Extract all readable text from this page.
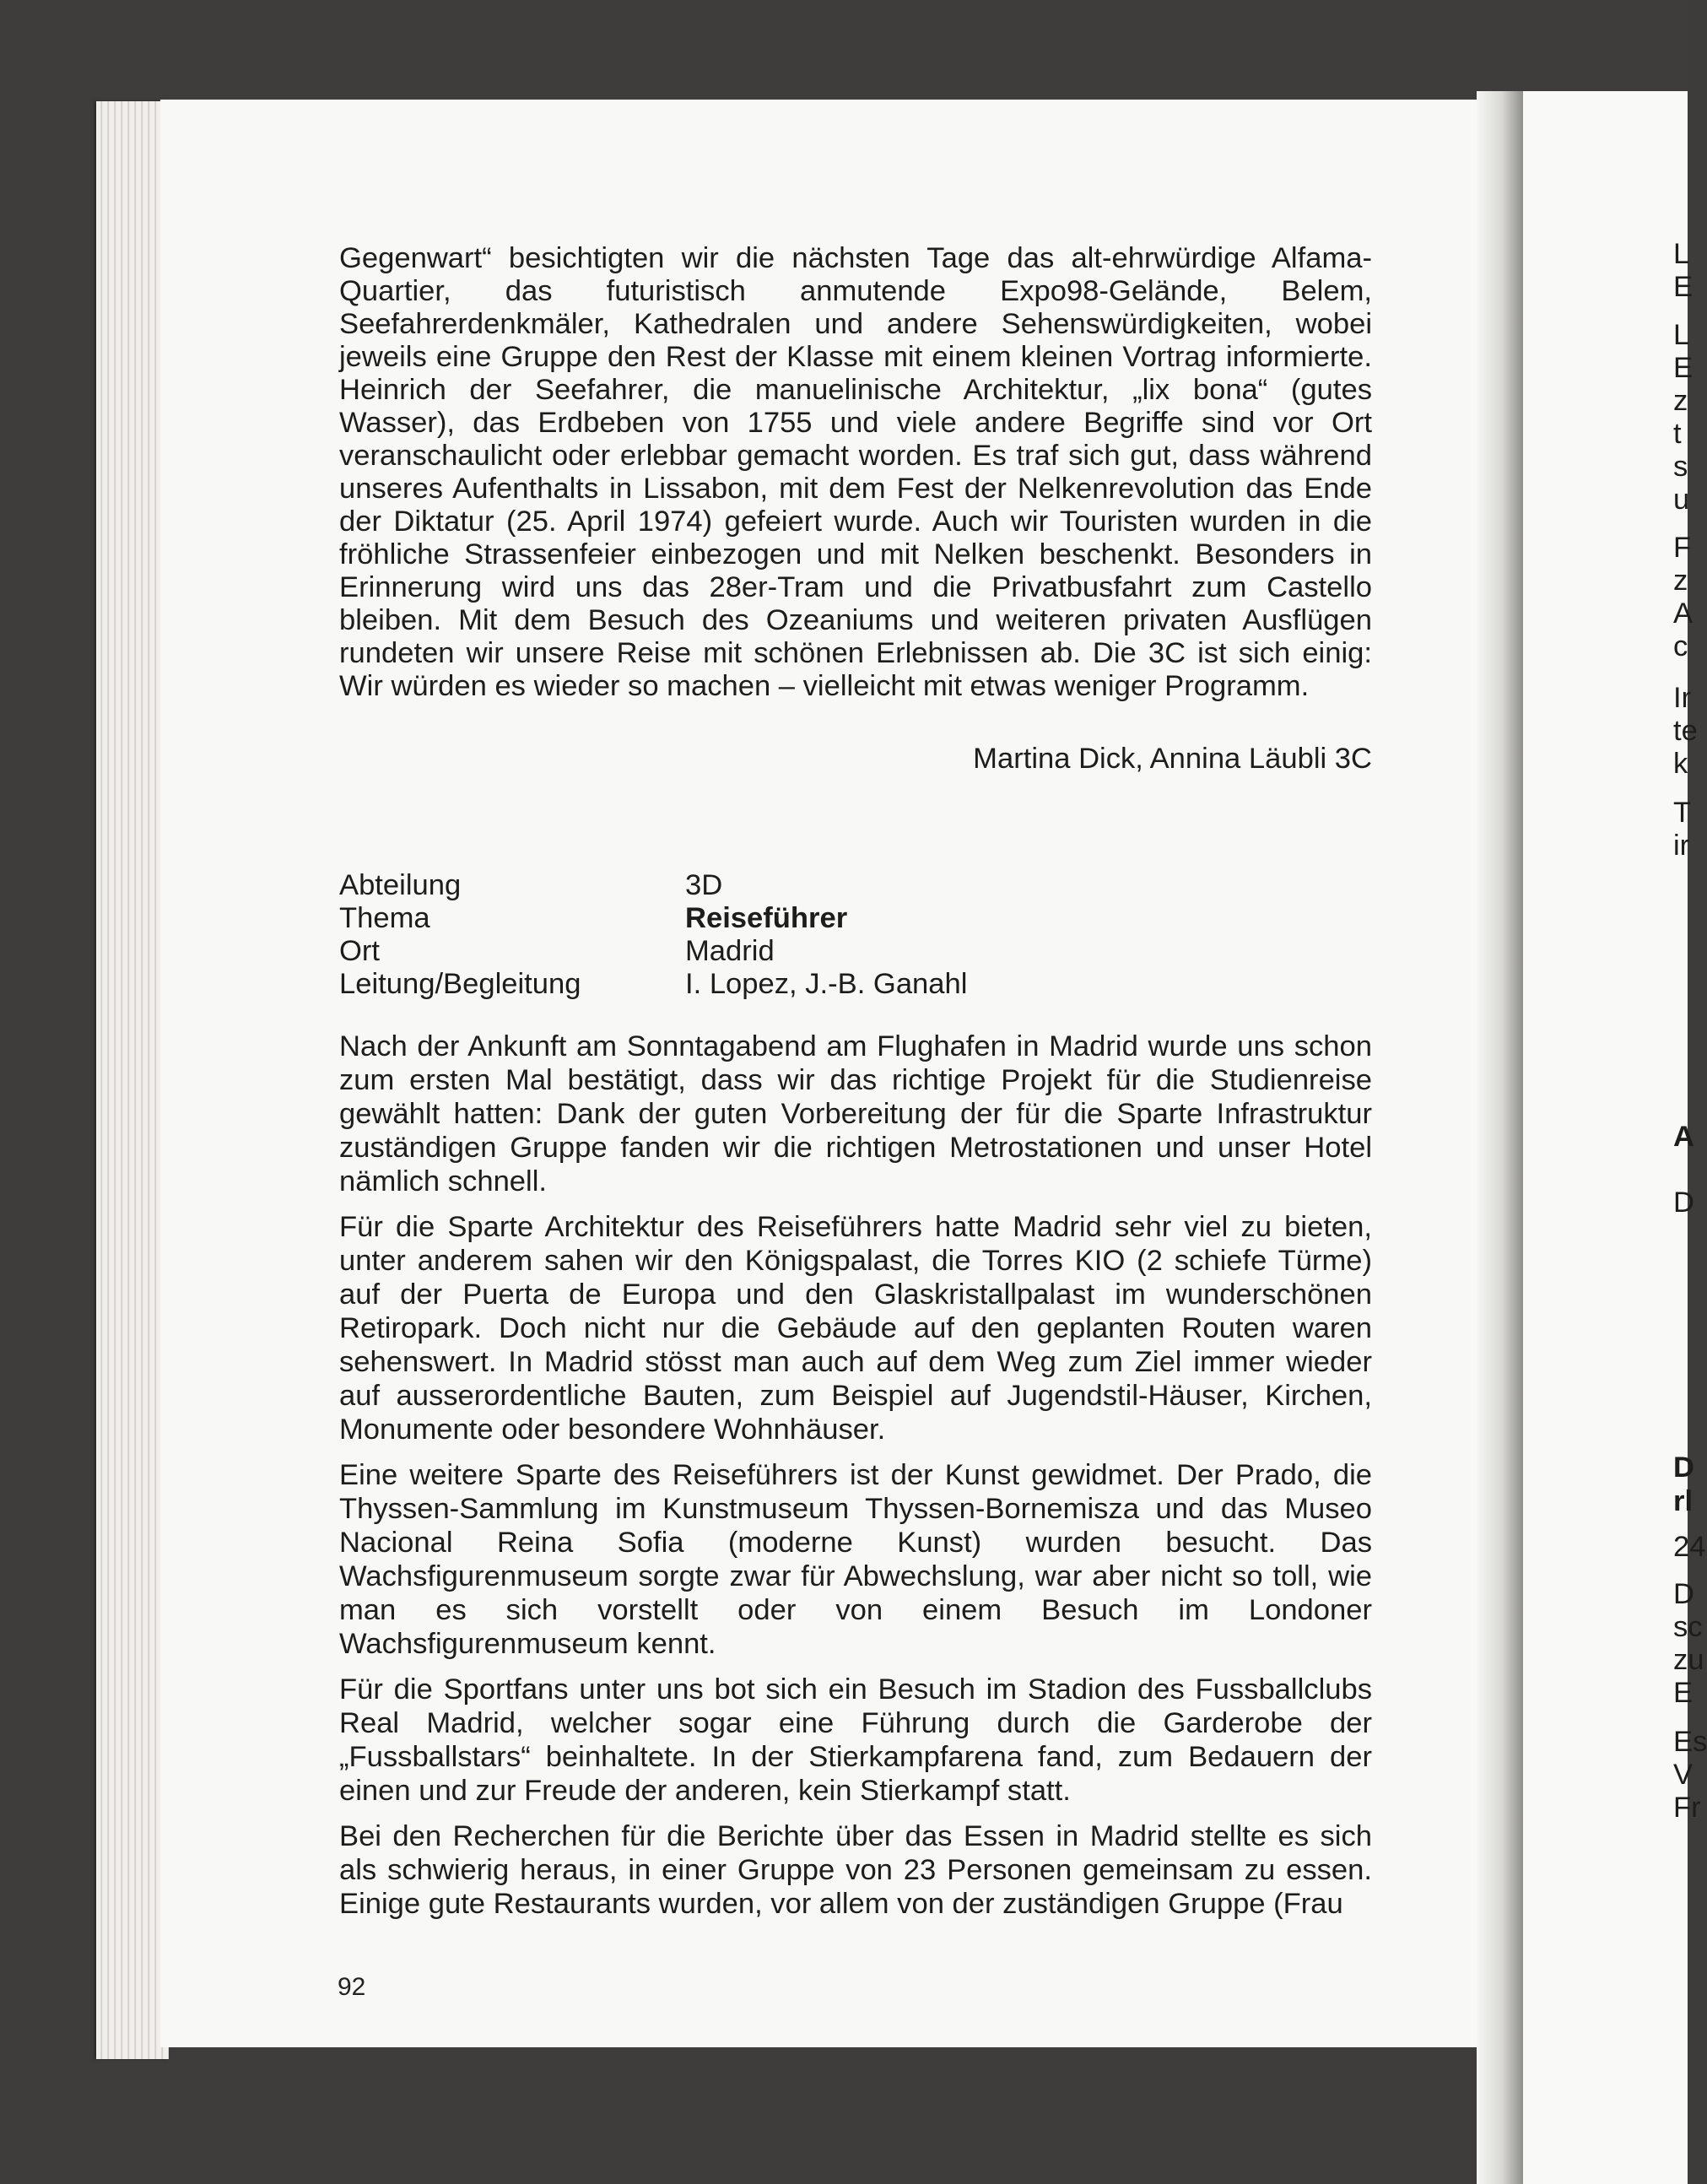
Gegenwart“ besichtigten wir die nächsten Tage das alt-ehrwürdige Alfama-Quartier, das futuristisch anmutende Expo98-Gelände, Belem, Seefahrerdenkmäler, Kathedralen und andere Sehenswürdigkeiten, wobei jeweils eine Gruppe den Rest der Klasse mit einem kleinen Vortrag informierte. Heinrich der Seefahrer, die manuelinische Architektur, „lix bona“ (gutes Wasser), das Erdbeben von 1755 und viele andere Begriffe sind vor Ort veranschaulicht oder erlebbar gemacht worden. Es traf sich gut, dass während unseres Aufenthalts in Lissabon, mit dem Fest der Nelkenrevolution das Ende der Diktatur (25. April 1974) gefeiert wurde. Auch wir Touristen wurden in die fröhliche Strassenfeier einbezogen und mit Nelken beschenkt. Besonders in Erinnerung wird uns das 28er-Tram und die Privatbusfahrt zum Castello bleiben. Mit dem Besuch des Ozeaniums und weiteren privaten Ausflügen rundeten wir unsere Reise mit schönen Erlebnissen ab. Die 3C ist sich einig: Wir würden es wieder so machen – vielleicht mit etwas weniger Programm.

Martina Dick, Annina Läubli 3C
Abteilung	3D
Thema	Reiseführer
Ort	Madrid
Leitung/Begleitung	I. Lopez, J.-B. Ganahl

Nach der Ankunft am Sonntagabend am Flughafen in Madrid wurde uns schon zum ersten Mal bestätigt, dass wir das richtige Projekt für die Studienreise gewählt hatten: Dank der guten Vorbereitung der für die Sparte Infrastruktur zuständigen Gruppe fanden wir die richtigen Metrostationen und unser Hotel nämlich schnell.

Für die Sparte Architektur des Reiseführers hatte Madrid sehr viel zu bieten, unter anderem sahen wir den Königspalast, die Torres KIO (2 schiefe Türme) auf der Puerta de Europa und den Glaskristallpalast im wunderschönen Retiropark. Doch nicht nur die Gebäude auf den geplanten Routen waren sehenswert. In Madrid stösst man auch auf dem Weg zum Ziel immer wieder auf ausserordentliche Bauten, zum Beispiel auf Jugendstil-Häuser, Kirchen, Monumente oder besondere Wohnhäuser.

Eine weitere Sparte des Reiseführers ist der Kunst gewidmet. Der Prado, die Thyssen-Sammlung im Kunstmuseum Thyssen-Bornemisza und das Museo Nacional Reina Sofia (moderne Kunst) wurden besucht. Das Wachsfigurenmuseum sorgte zwar für Abwechslung, war aber nicht so toll, wie man es sich vorstellt oder von einem Besuch im Londoner Wachsfigurenmuseum kennt.

Für die Sportfans unter uns bot sich ein Besuch im Stadion des Fussballclubs Real Madrid, welcher sogar eine Führung durch die Garderobe der „Fussballstars“ beinhaltete. In der Stierkampfarena fand, zum Bedauern der einen und zur Freude der anderen, kein Stierkampf statt.

Bei den Recherchen für die Berichte über das Essen in Madrid stellte es sich als schwierig heraus, in einer Gruppe von 23 Personen gemeinsam zu essen. Einige gute Restaurants wurden, vor allem von der zuständigen Gruppe (Frau

92
L
E
L
E
z
t
s
u
F
z
A
c
Ir
te
k
T
ir
A
D
D
rl
24
D
sc
zu
E
Es
V
Fr
